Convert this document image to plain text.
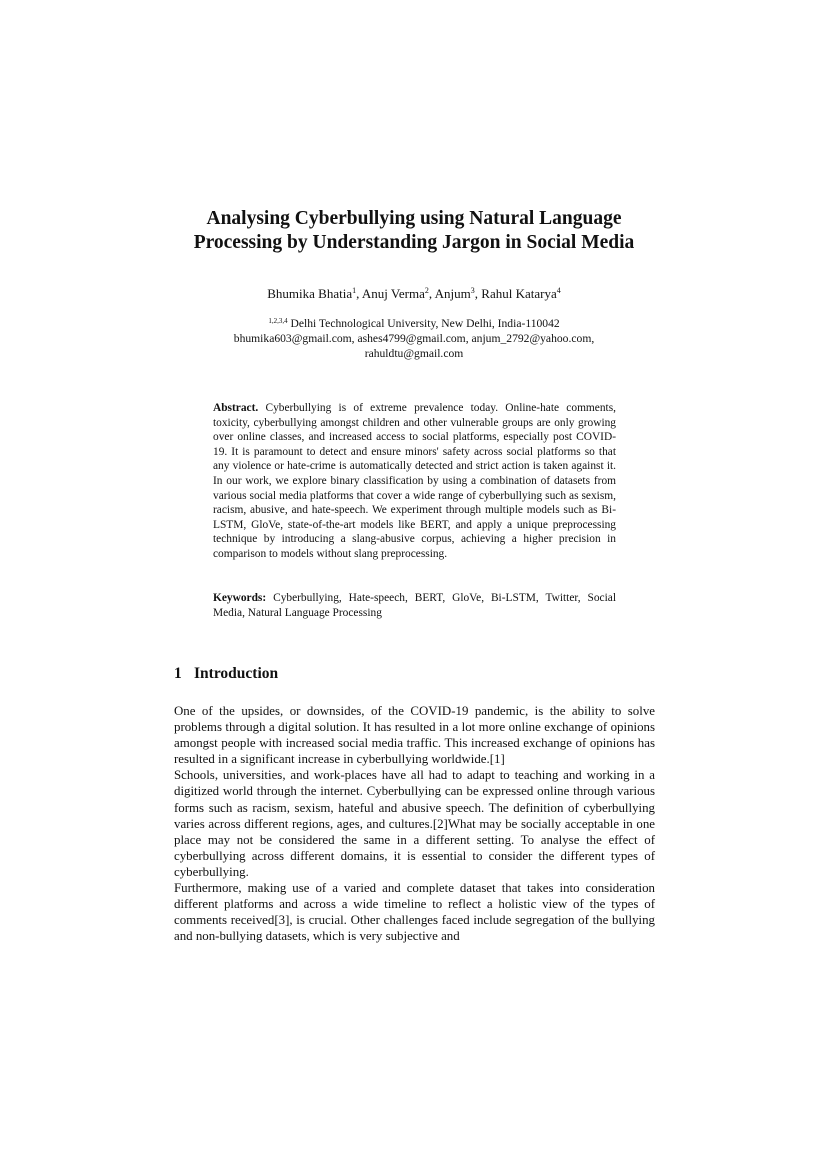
Analysing Cyberbullying using Natural Language
Processing by Understanding Jargon in Social Media
Bhumika Bhatia$^1$, Anuj Verma$^2$, Anjum$^3$, Rahul Katarya$^4$
$^{1,2,3,4}$ Delhi Technological University, New Delhi, India-110042
bhumika603@gmail.com, ashes4799@gmail.com, anjum_2792@yahoo.com,
rahuldtu@gmail.com
Abstract. Cyberbullying is of extreme prevalence today. Online-hate comments, toxicity, cyberbullying amongst children and other vulnerable groups are only growing over online classes, and increased access to social platforms, especially post COVID-19. It is paramount to detect and ensure minors' safety across social platforms so that any violence or hate-crime is automatically detected and strict action is taken against it. In our work, we explore binary classification by using a combination of datasets from various social media platforms that cover a wide range of cyberbullying such as sexism, racism, abusive, and hate-speech. We experiment through multiple models such as Bi-LSTM, GloVe, state-of-the-art models like BERT, and apply a unique preprocessing technique by introducing a slang-abusive corpus, achieving a higher precision in comparison to models without slang preprocessing.
Keywords: Cyberbullying, Hate-speech, BERT, GloVe, Bi-LSTM, Twitter, Social Media, Natural Language Processing
1 Introduction

One of the upsides, or downsides, of the COVID-19 pandemic, is the ability to solve problems through a digital solution. It has resulted in a lot more online exchange of opinions amongst people with increased social media traffic. This increased exchange of opinions has resulted in a significant increase in cyberbullying worldwide.[1]

Schools, universities, and work-places have all had to adapt to teaching and working in a digitized world through the internet. Cyberbullying can be expressed online through various forms such as racism, sexism, hateful and abusive speech. The definition of cyberbullying varies across different regions, ages, and cultures.[2]What may be socially acceptable in one place may not be considered the same in a different setting. To analyse the effect of cyberbullying across different domains, it is essential to consider the different types of cyberbullying.

Furthermore, making use of a varied and complete dataset that takes into consideration different platforms and across a wide timeline to reflect a holistic view of the types of comments received[3], is crucial. Other challenges faced include segregation of the bullying and non-bullying datasets, which is very subjective and
